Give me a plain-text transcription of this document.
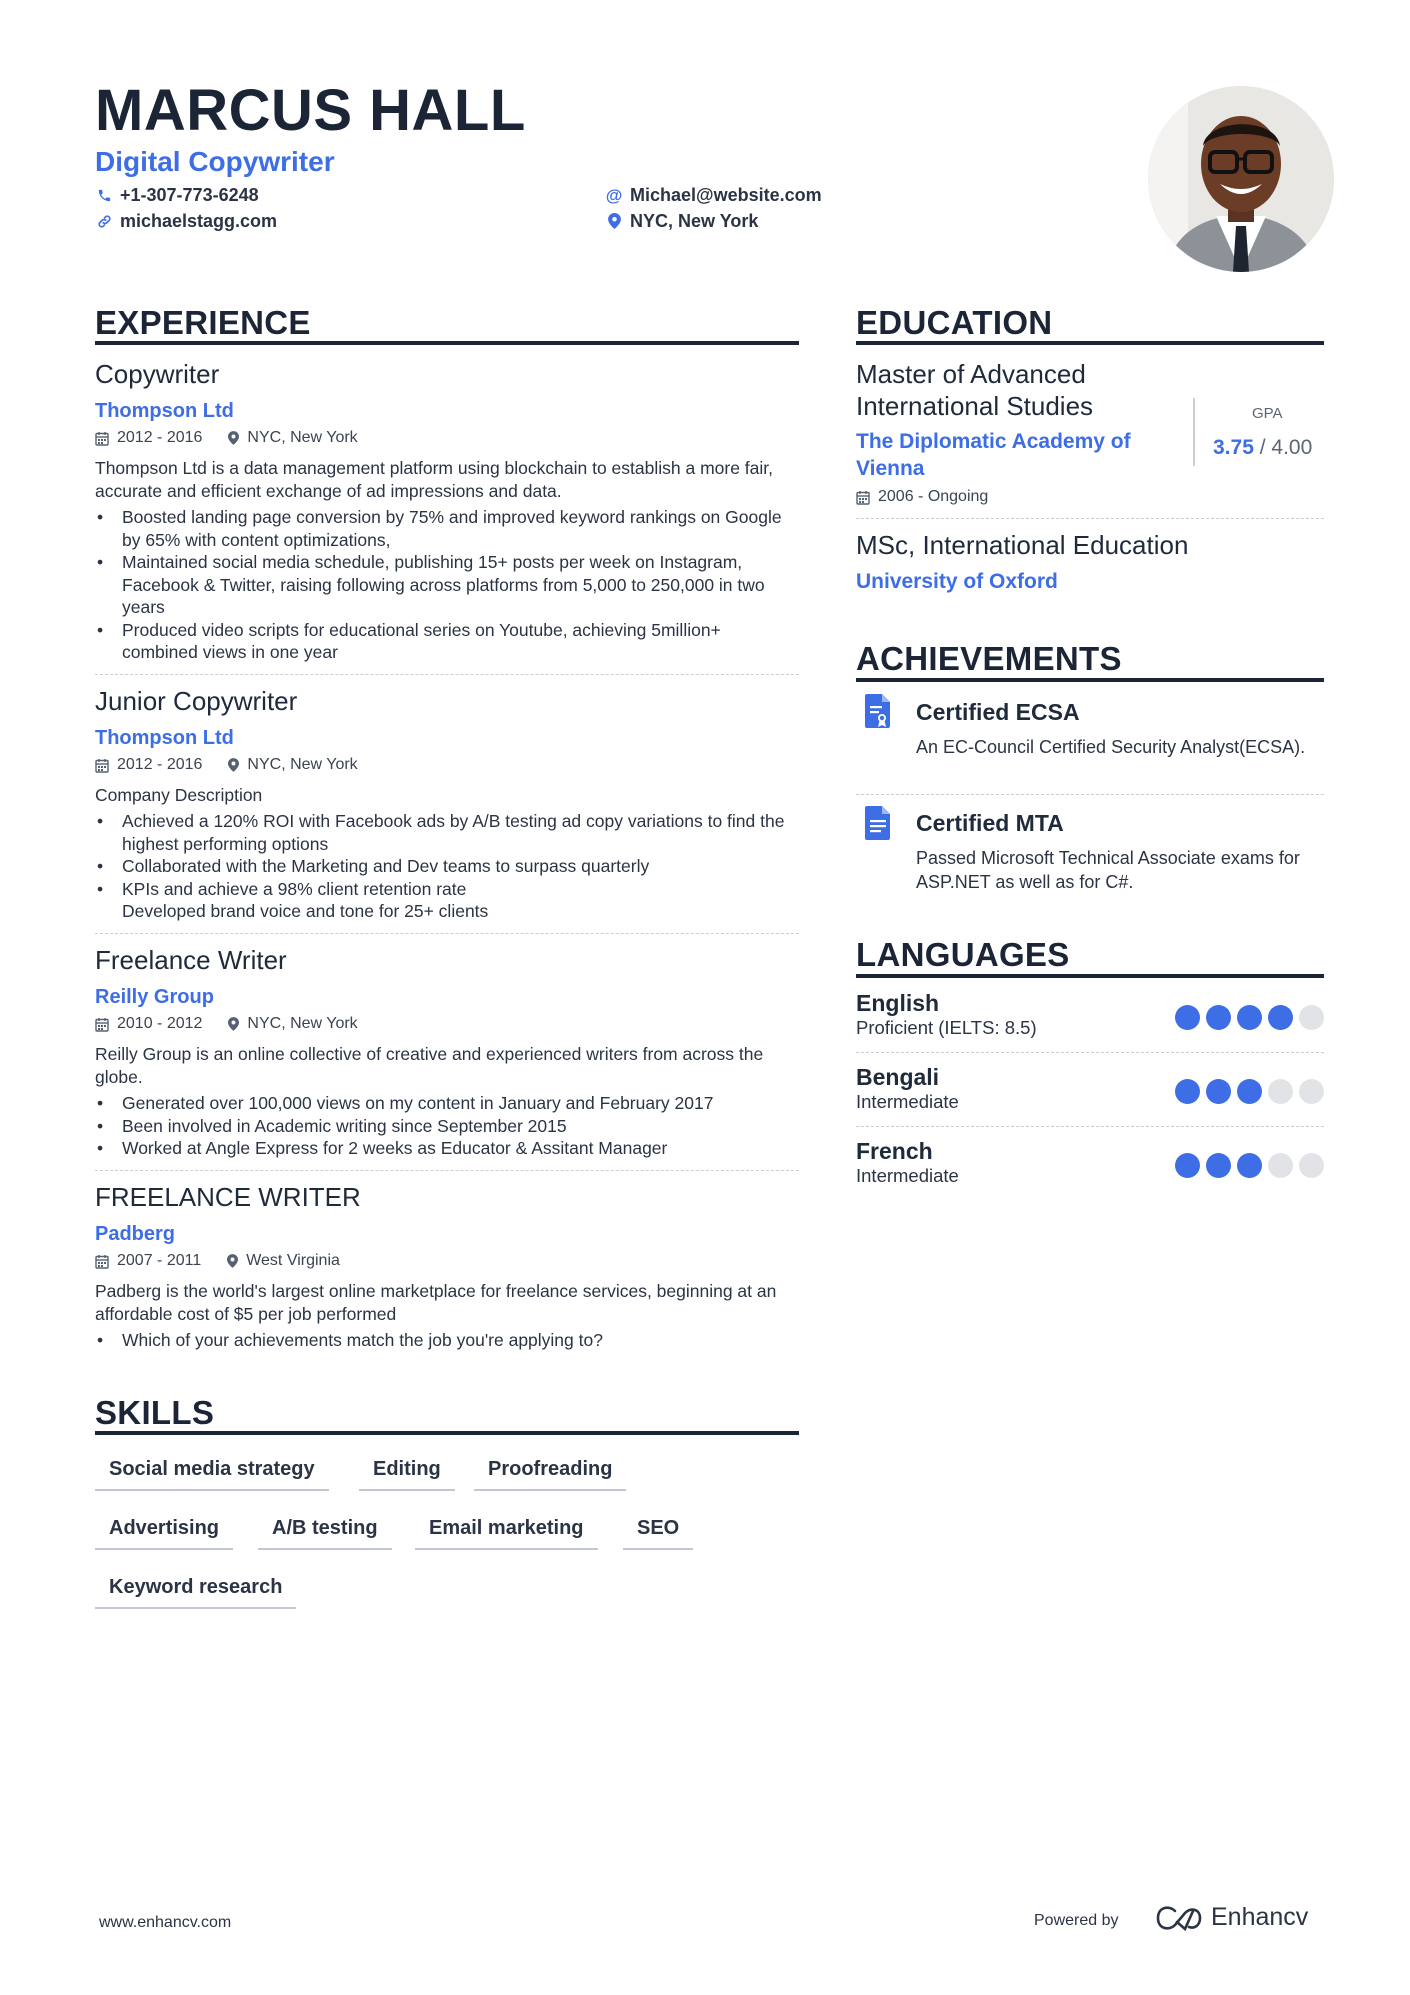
MARCUS HALL
Digital Copywriter
+1-307-773-6248
michaelstagg.com
@ Michael@website.com
NYC, New York
EXPERIENCE
Copywriter
Thompson Ltd
2012 - 2016	NYC, New York
Thompson Ltd is a data management platform using blockchain to establish a more fair, accurate and efficient exchange of ad impressions and data.
• Boosted landing page conversion by 75% and improved keyword rankings on Google by 65% with content optimizations,
• Maintained social media schedule, publishing 15+ posts per week on Instagram, Facebook & Twitter, raising following across platforms from 5,000 to 250,000 in two years
• Produced video scripts for educational series on Youtube, achieving 5million+ combined views in one year
Junior Copywriter
Thompson Ltd
2012 - 2016	NYC, New York
Company Description
• Achieved a 120% ROI with Facebook ads by A/B testing ad copy variations to find the highest performing options
• Collaborated with the Marketing and Dev teams to surpass quarterly
• KPIs and achieve a 98% client retention rate
Developed brand voice and tone for 25+ clients
Freelance Writer
Reilly Group
2010 - 2012	NYC, New York
Reilly Group is an online collective of creative and experienced writers from across the globe.
• Generated over 100,000 views on my content in January and February 2017
• Been involved in Academic writing since September 2015
• Worked at Angle Express for 2 weeks as Educator & Assitant Manager
FREELANCE WRITER
Padberg
2007 - 2011	West Virginia
Padberg is the world's largest online marketplace for freelance services, beginning at an affordable cost of $5 per job performed
• Which of your achievements match the job you're applying to?
SKILLS
Social media strategy	Editing	Proofreading
Advertising	A/B testing	Email marketing	SEO
Keyword research
EDUCATION
Master of Advanced International Studies
The Diplomatic Academy of Vienna
2006 - Ongoing
GPA
3.75 / 4.00
MSc, International Education
University of Oxford
ACHIEVEMENTS
Certified ECSA
An EC-Council Certified Security Analyst(ECSA).
Certified MTA
Passed Microsoft Technical Associate exams for ASP.NET as well as for C#.
LANGUAGES
English
Proficient (IELTS: 8.5)
Bengali
Intermediate
French
Intermediate
www.enhancv.com	Powered by	Enhancv
